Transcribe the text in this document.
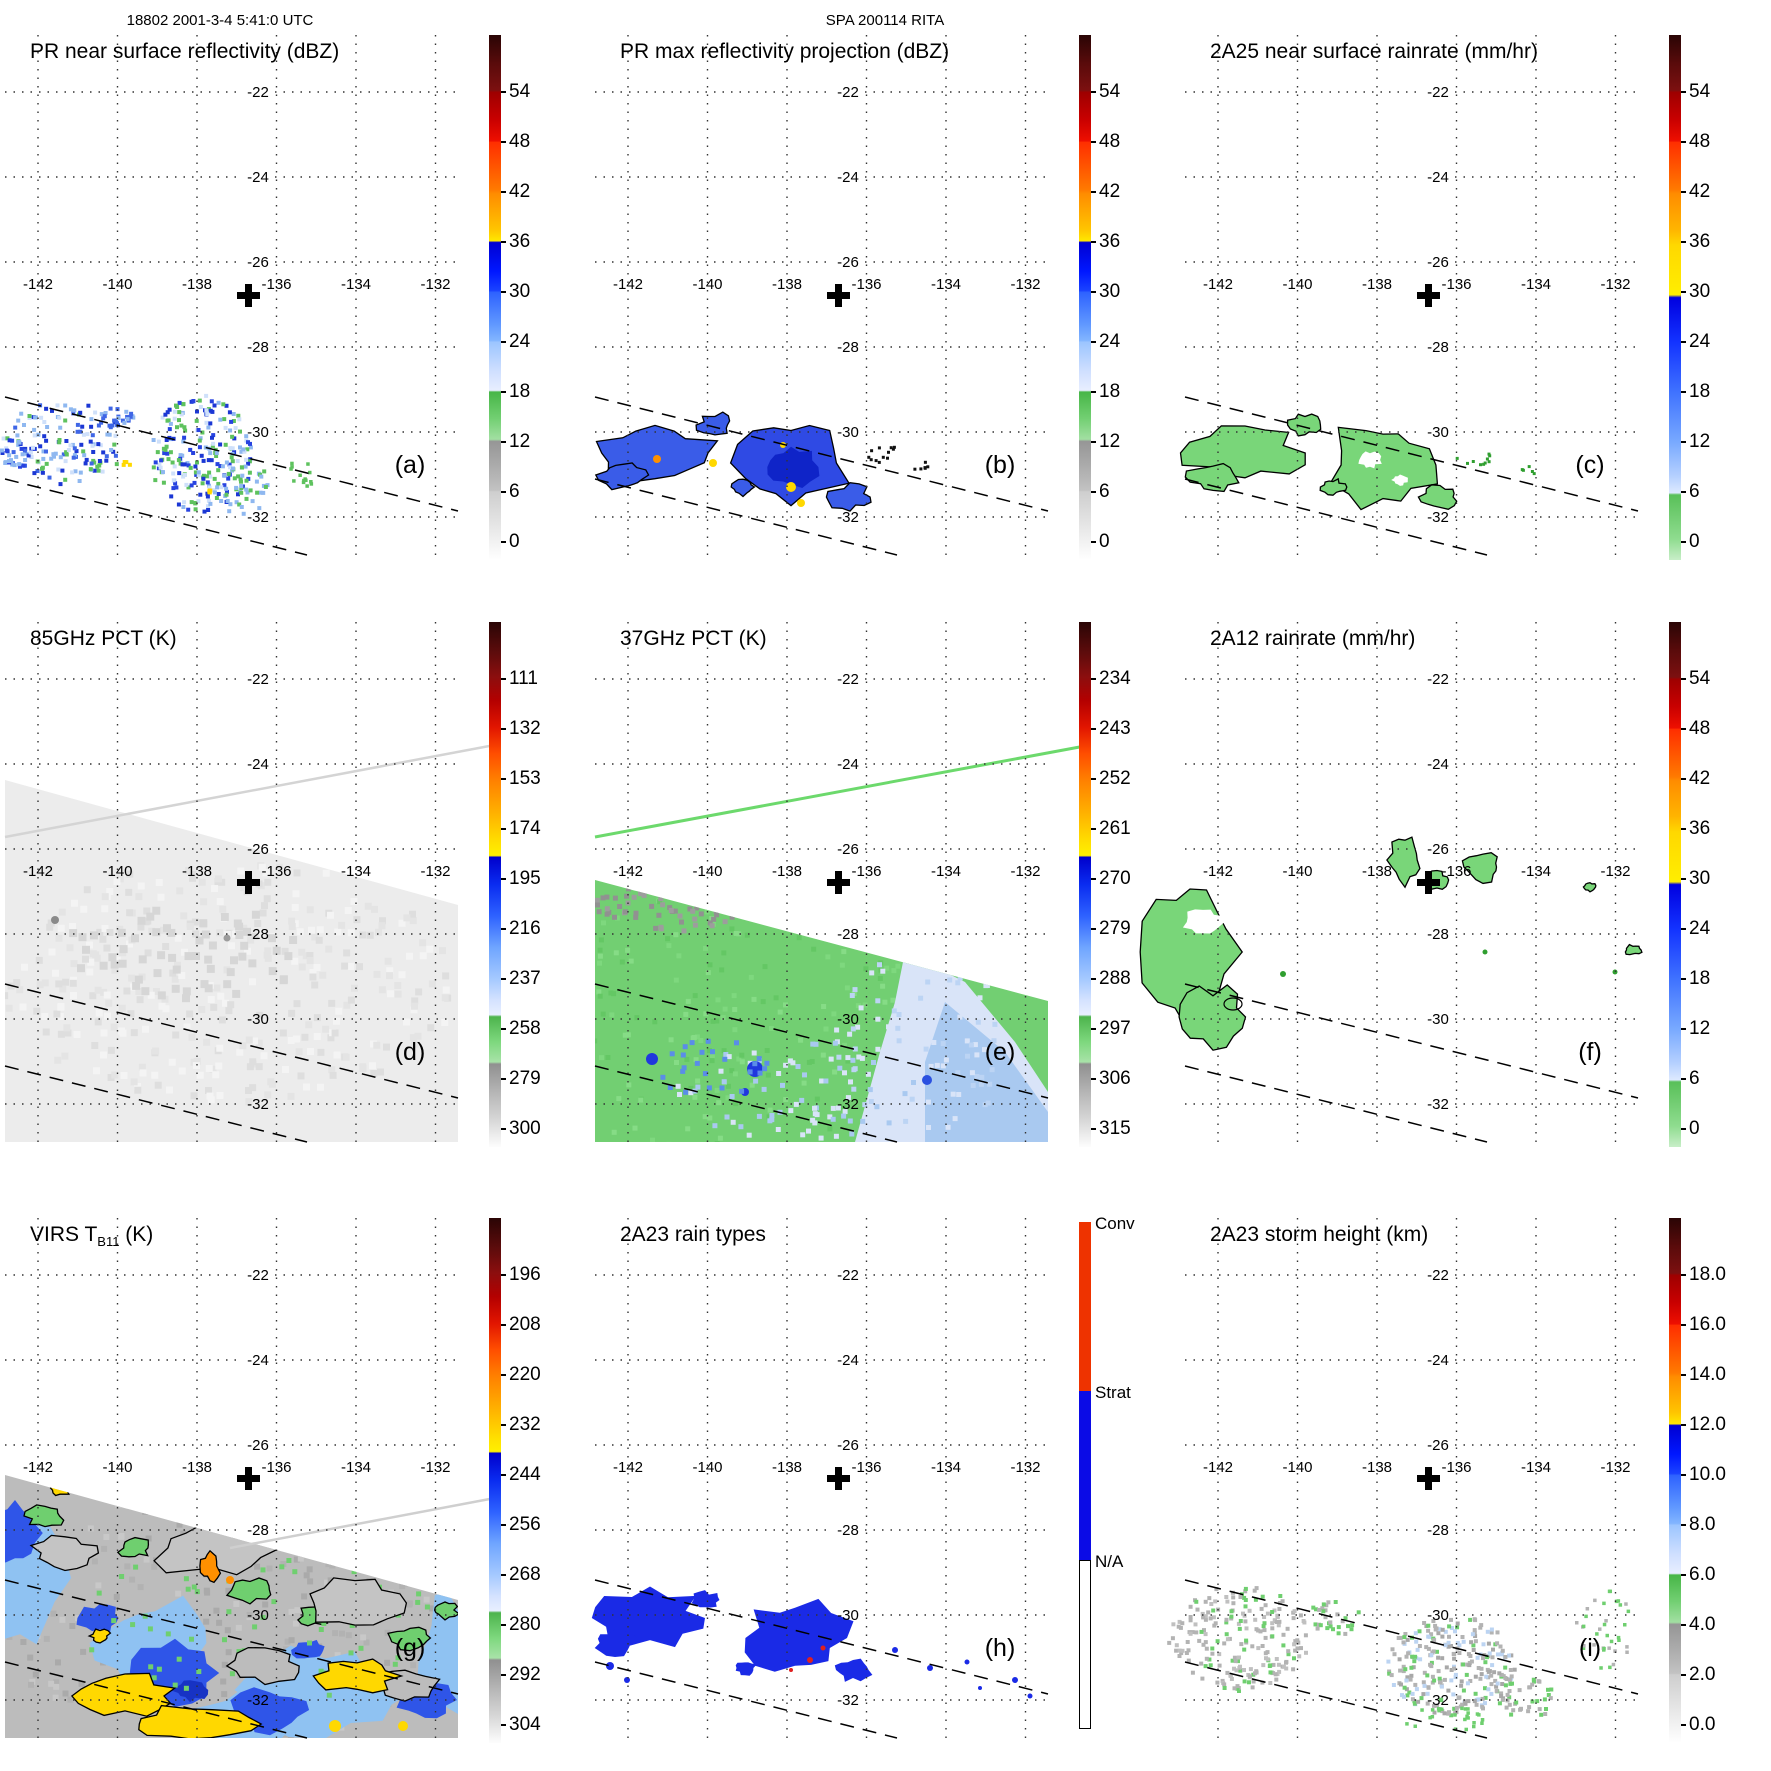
18802 2001-3-4 5:41:0 UTC	SPA 200114 RITA
PR near surface reflectivity (dBZ)
-22
-24
-26
-28
-30
-32
-142	-140	-138	-136	-134	-132
(a)
54
48
42
36
30
24
18
12
6
0
PR max reflectivity projection (dBZ)
-22
-24
-26
-28
-30
-32
-142	-140	-138	-136	-134	-132
(b)
54
48
42
36
30
24
18
12
6
0
2A25 near surface rainrate (mm/hr)
-22
-24
-26
-28
-30
-32
-142	-140	-138	-136	-134	-132
(c)
54
48
42
36
30
24
18
12
6
0
85GHz PCT (K)
-22
-24
-26
-28
-30
-32
-142	-140	-138	-136	-134	-132
(d)
111
132
153
174
195
216
237
258
279
300
37GHz PCT (K)
-22
-24
-26
-28
-30
-32
-142	-140	-138	-136	-134	-132
(e)
234
243
252
261
270
279
288
297
306
315
2A12 rainrate (mm/hr)
-22
-24
-26
-28
-30
-32
-142	-140	-138	-136	-134	-132
(f)
54
48
42
36
30
24
18
12
6
0
VIRS $T_{B11}$ (K)
-22
-24
-26
-28
-30
-32
-142	-140	-138	-136	-134	-132
(g)
196
208
220
232
244
256
268
280
292
304
2A23 rain types
-22
-24
-26
-28
-30
-32
-142	-140	-138	-136	-134	-132
(h)
Conv
Strat
N/A
2A23 storm height (km)
-22
-24
-26
-28
-30
-32
-142	-140	-138	-136	-134	-132
(i)
18.0
16.0
14.0
12.0
10.0
8.0
6.0
4.0
2.0
0.0
